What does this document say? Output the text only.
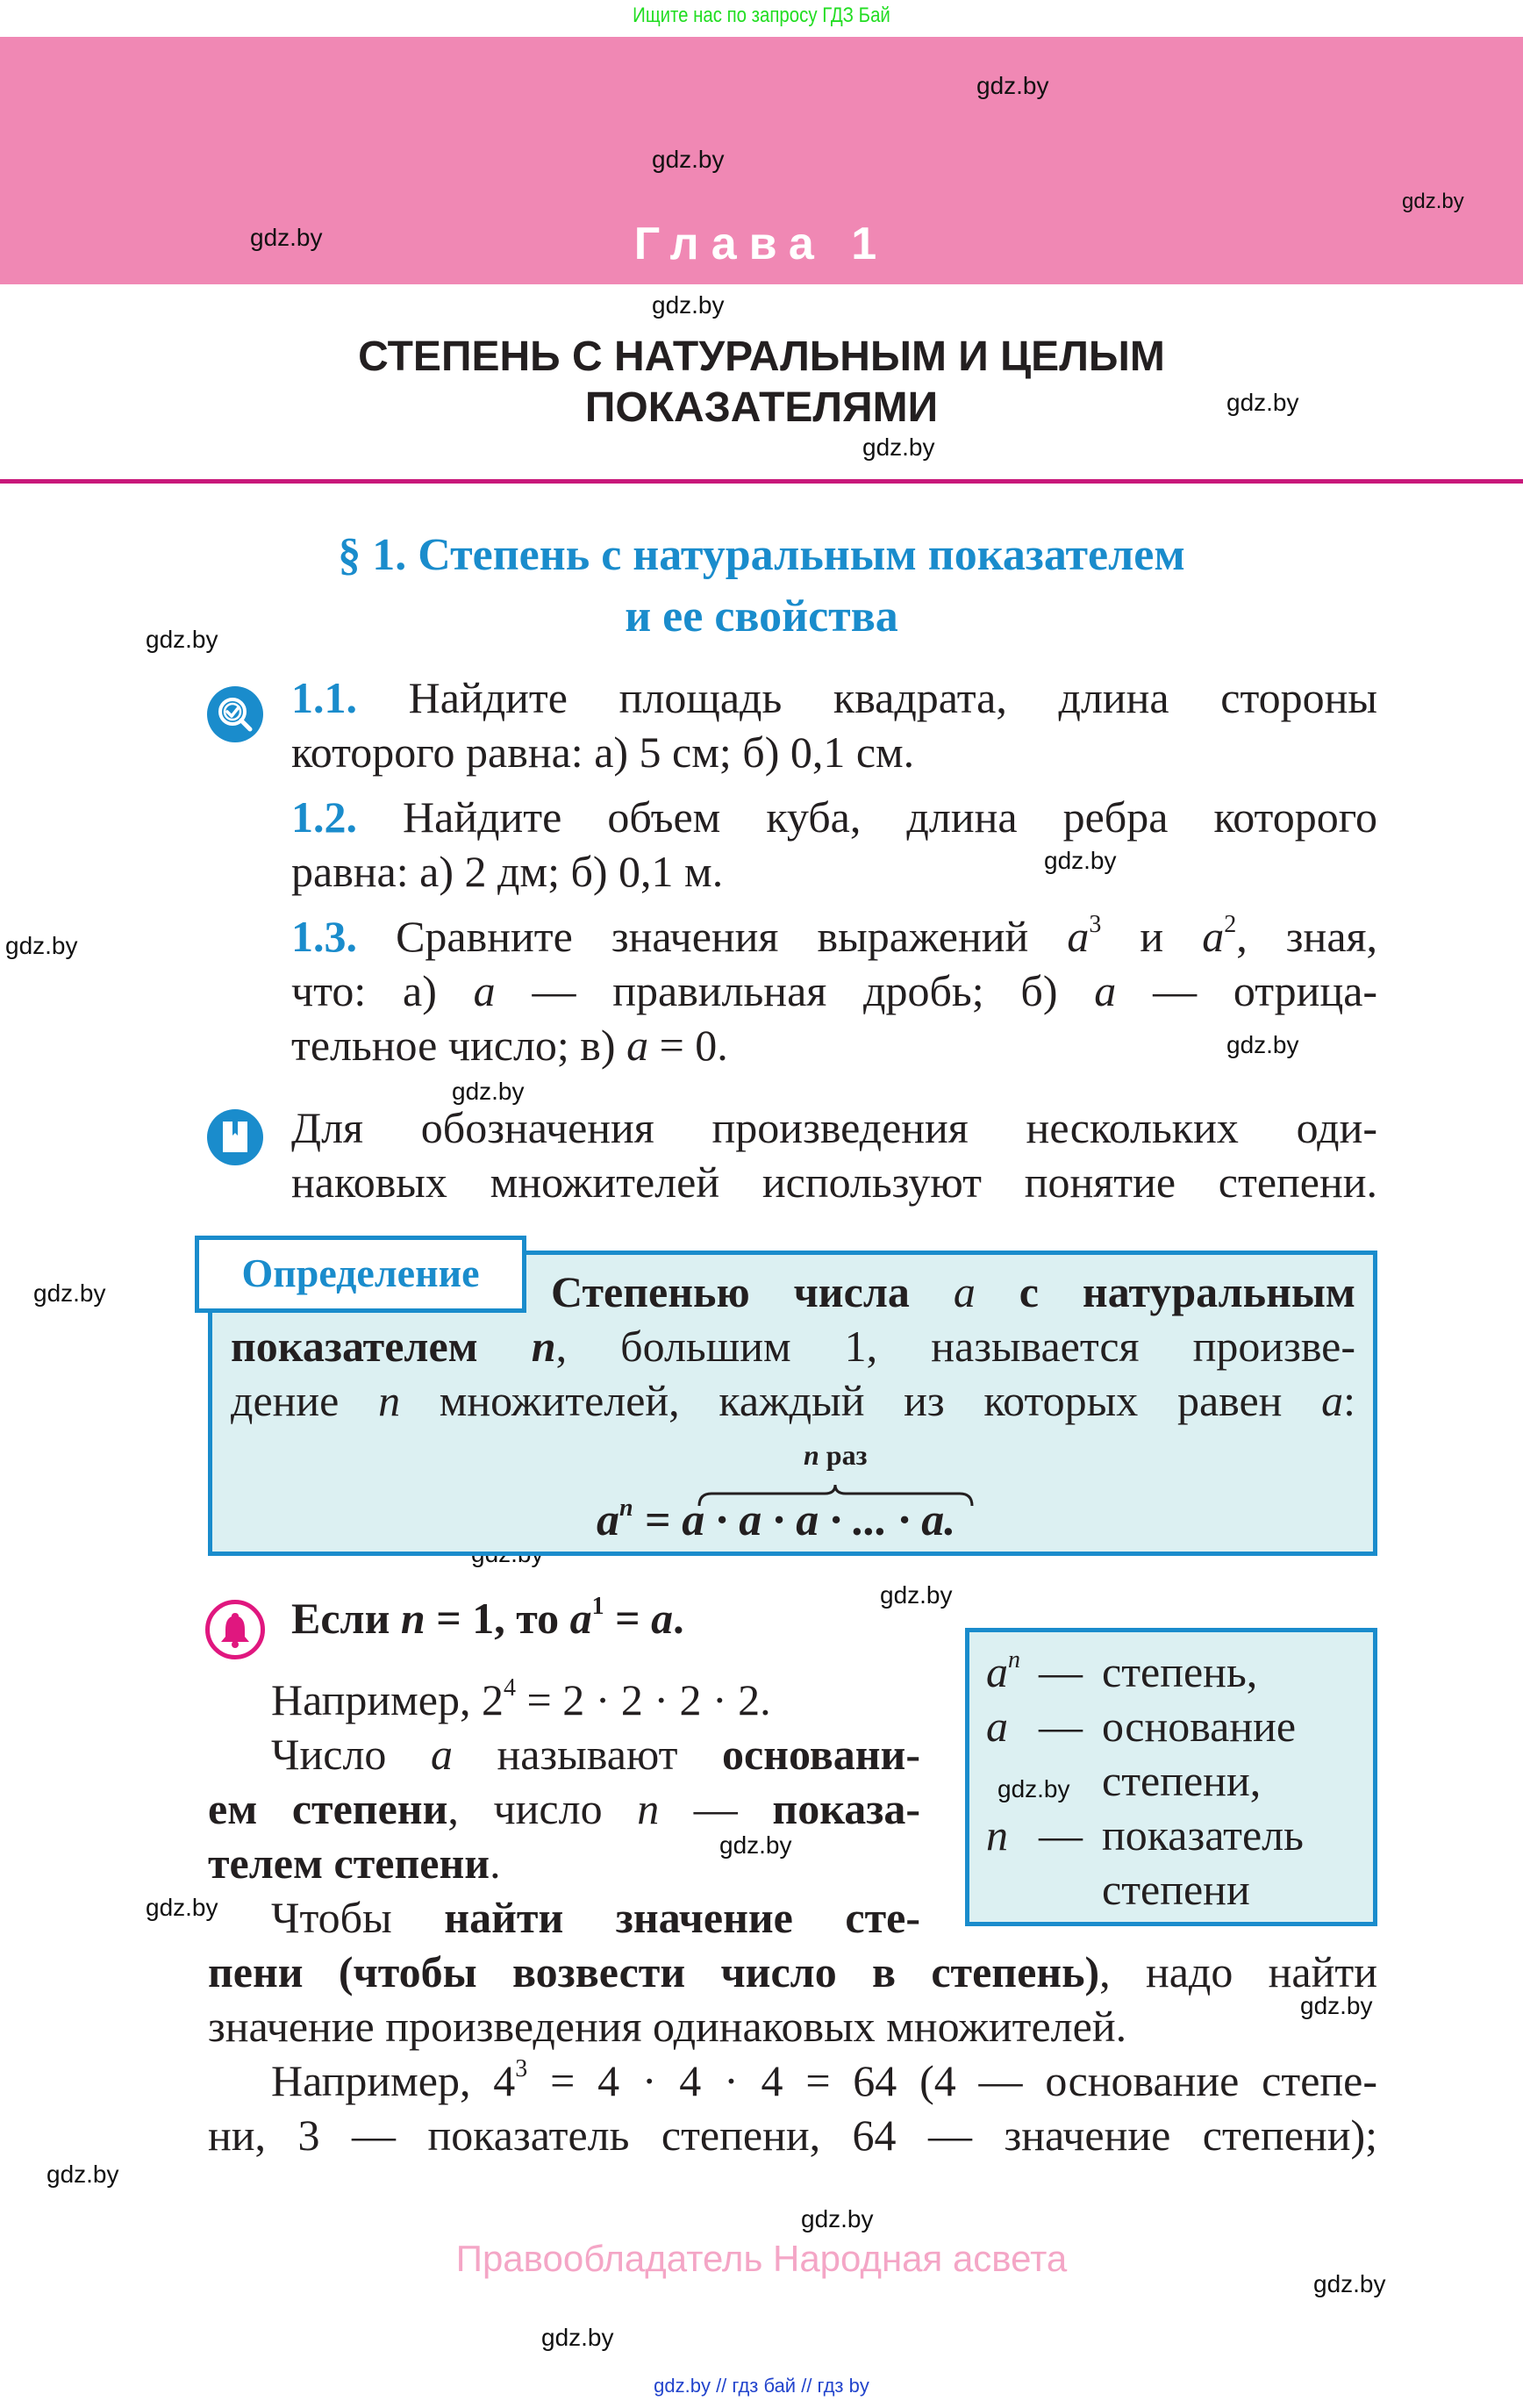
Ищите нас по запросу ГДЗ Бай
Глава 1
gdz.by
gdz.by
gdz.by
gdz.by
gdz.by
gdz.by
gdz.by
gdz.by
gdz.by
gdz.by
gdz.by
gdz.by
gdz.by
gdz.by
gdz.by
gdz.by
gdz.by
gdz.by
gdz.by
gdz.by
gdz.by
СТЕПЕНЬ С НАТУРАЛЬНЫМ И ЦЕЛЫМ
ПОКАЗАТЕЛЯМИ
§ 1. Степень с натуральным показателем
и ее свойства
1.1. Найдите площадь квадрата, длина стороны
которого равна: а) 5 см; б) 0,1 см.
1.2. Найдите объем куба, длина ребра которого
равна: а) 2 дм; б) 0,1 м.
1.3. Сравните значения выражений $a^3$ и $a^2$, зная,
что: а) a — правильная дробь; б) a — отрица-
тельное число; в) a = 0.
Для обозначения произведения нескольких оди-
наковых множителей используют понятие степени.
Определение	Степенью числа a с натуральным
показателем n, большим 1, называется произве-
дение n множителей, каждый из которых равен a:
n раз
$a^n = a \cdot a \cdot a$ · ... · a.
Если n = 1, то $a^1 = a$.
Например, $2^4 = 2 \cdot 2 \cdot 2 \cdot 2$.
Число a называют основани-
ем степени, число n — показа-
телем степени.
Чтобы найти значение сте-
пени (чтобы возвести число в степень), надо найти
значение произведения одинаковых множителей.
Например, $4^3 = 4 \cdot 4 \cdot 4 = 64$ (4 — основание степе-
ни, 3 — показатель степени, 64 — значение степени);
$a^n$ — степень,
a — основание
степени,
n — показатель
степени
gdz.by
Правообладатель Народная асвета
gdz.by // гдз бай // гдз by
